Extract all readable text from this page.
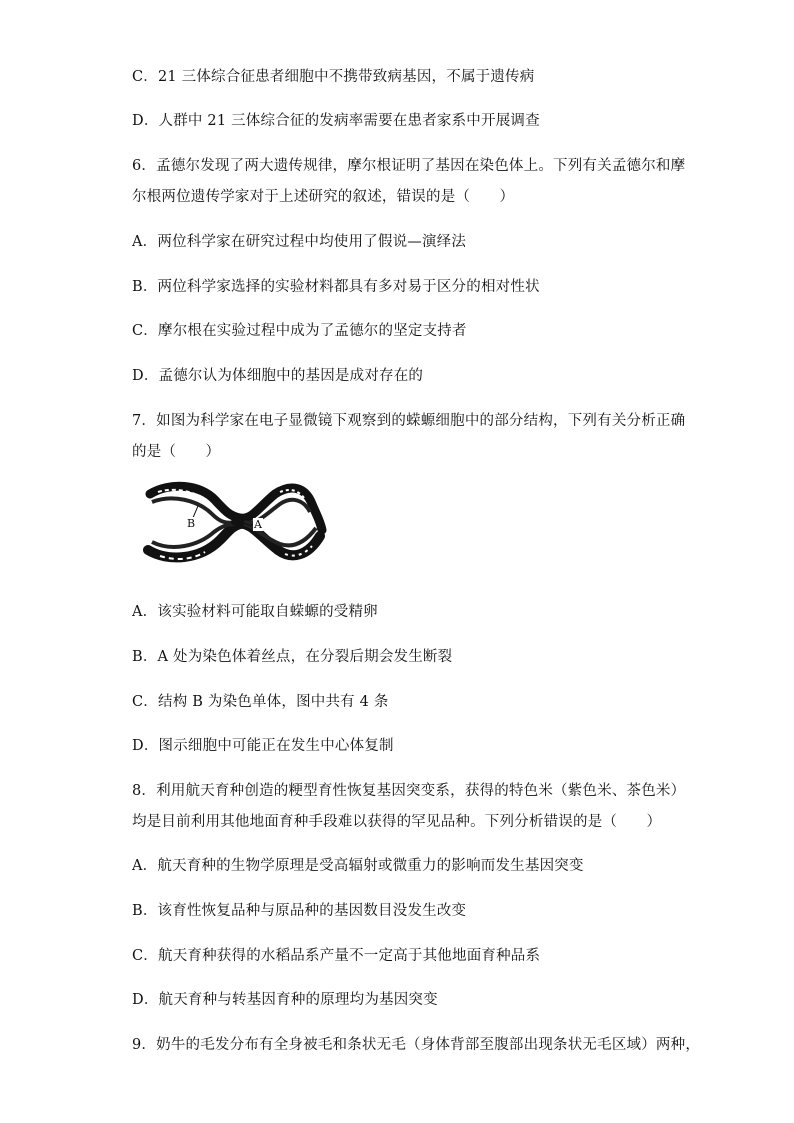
C．21 三体综合征患者细胞中不携带致病基因，不属于遗传病
D．人群中 21 三体综合征的发病率需要在患者家系中开展调查
6．孟德尔发现了两大遗传规律，摩尔根证明了基因在染色体上。下列有关孟德尔和摩
尔根两位遗传学家对于上述研究的叙述，错误的是（　　）
A．两位科学家在研究过程中均使用了假说—演绎法
B．两位科学家选择的实验材料都具有多对易于区分的相对性状
C．摩尔根在实验过程中成为了孟德尔的坚定支持者
D．孟德尔认为体细胞中的基因是成对存在的
7．如图为科学家在电子显微镜下观察到的蝾螈细胞中的部分结构，下列有关分析正确
的是（　　）
B	A
A．该实验材料可能取自蝾螈的受精卵
B．A 处为染色体着丝点，在分裂后期会发生断裂
C．结构 B 为染色单体，图中共有 4 条
D．图示细胞中可能正在发生中心体复制
8．利用航天育种创造的粳型育性恢复基因突变系，获得的特色米（紫色米、茶色米）
均是目前利用其他地面育种手段难以获得的罕见品种。下列分析错误的是（　　）
A．航天育种的生物学原理是受高辐射或微重力的影响而发生基因突变
B．该育性恢复品种与原品种的基因数目没发生改变
C．航天育种获得的水稻品系产量不一定高于其他地面育种品系
D．航天育种与转基因育种的原理均为基因突变
9．奶牛的毛发分布有全身被毛和条状无毛（身体背部至腹部出现条状无毛区域）两种，
